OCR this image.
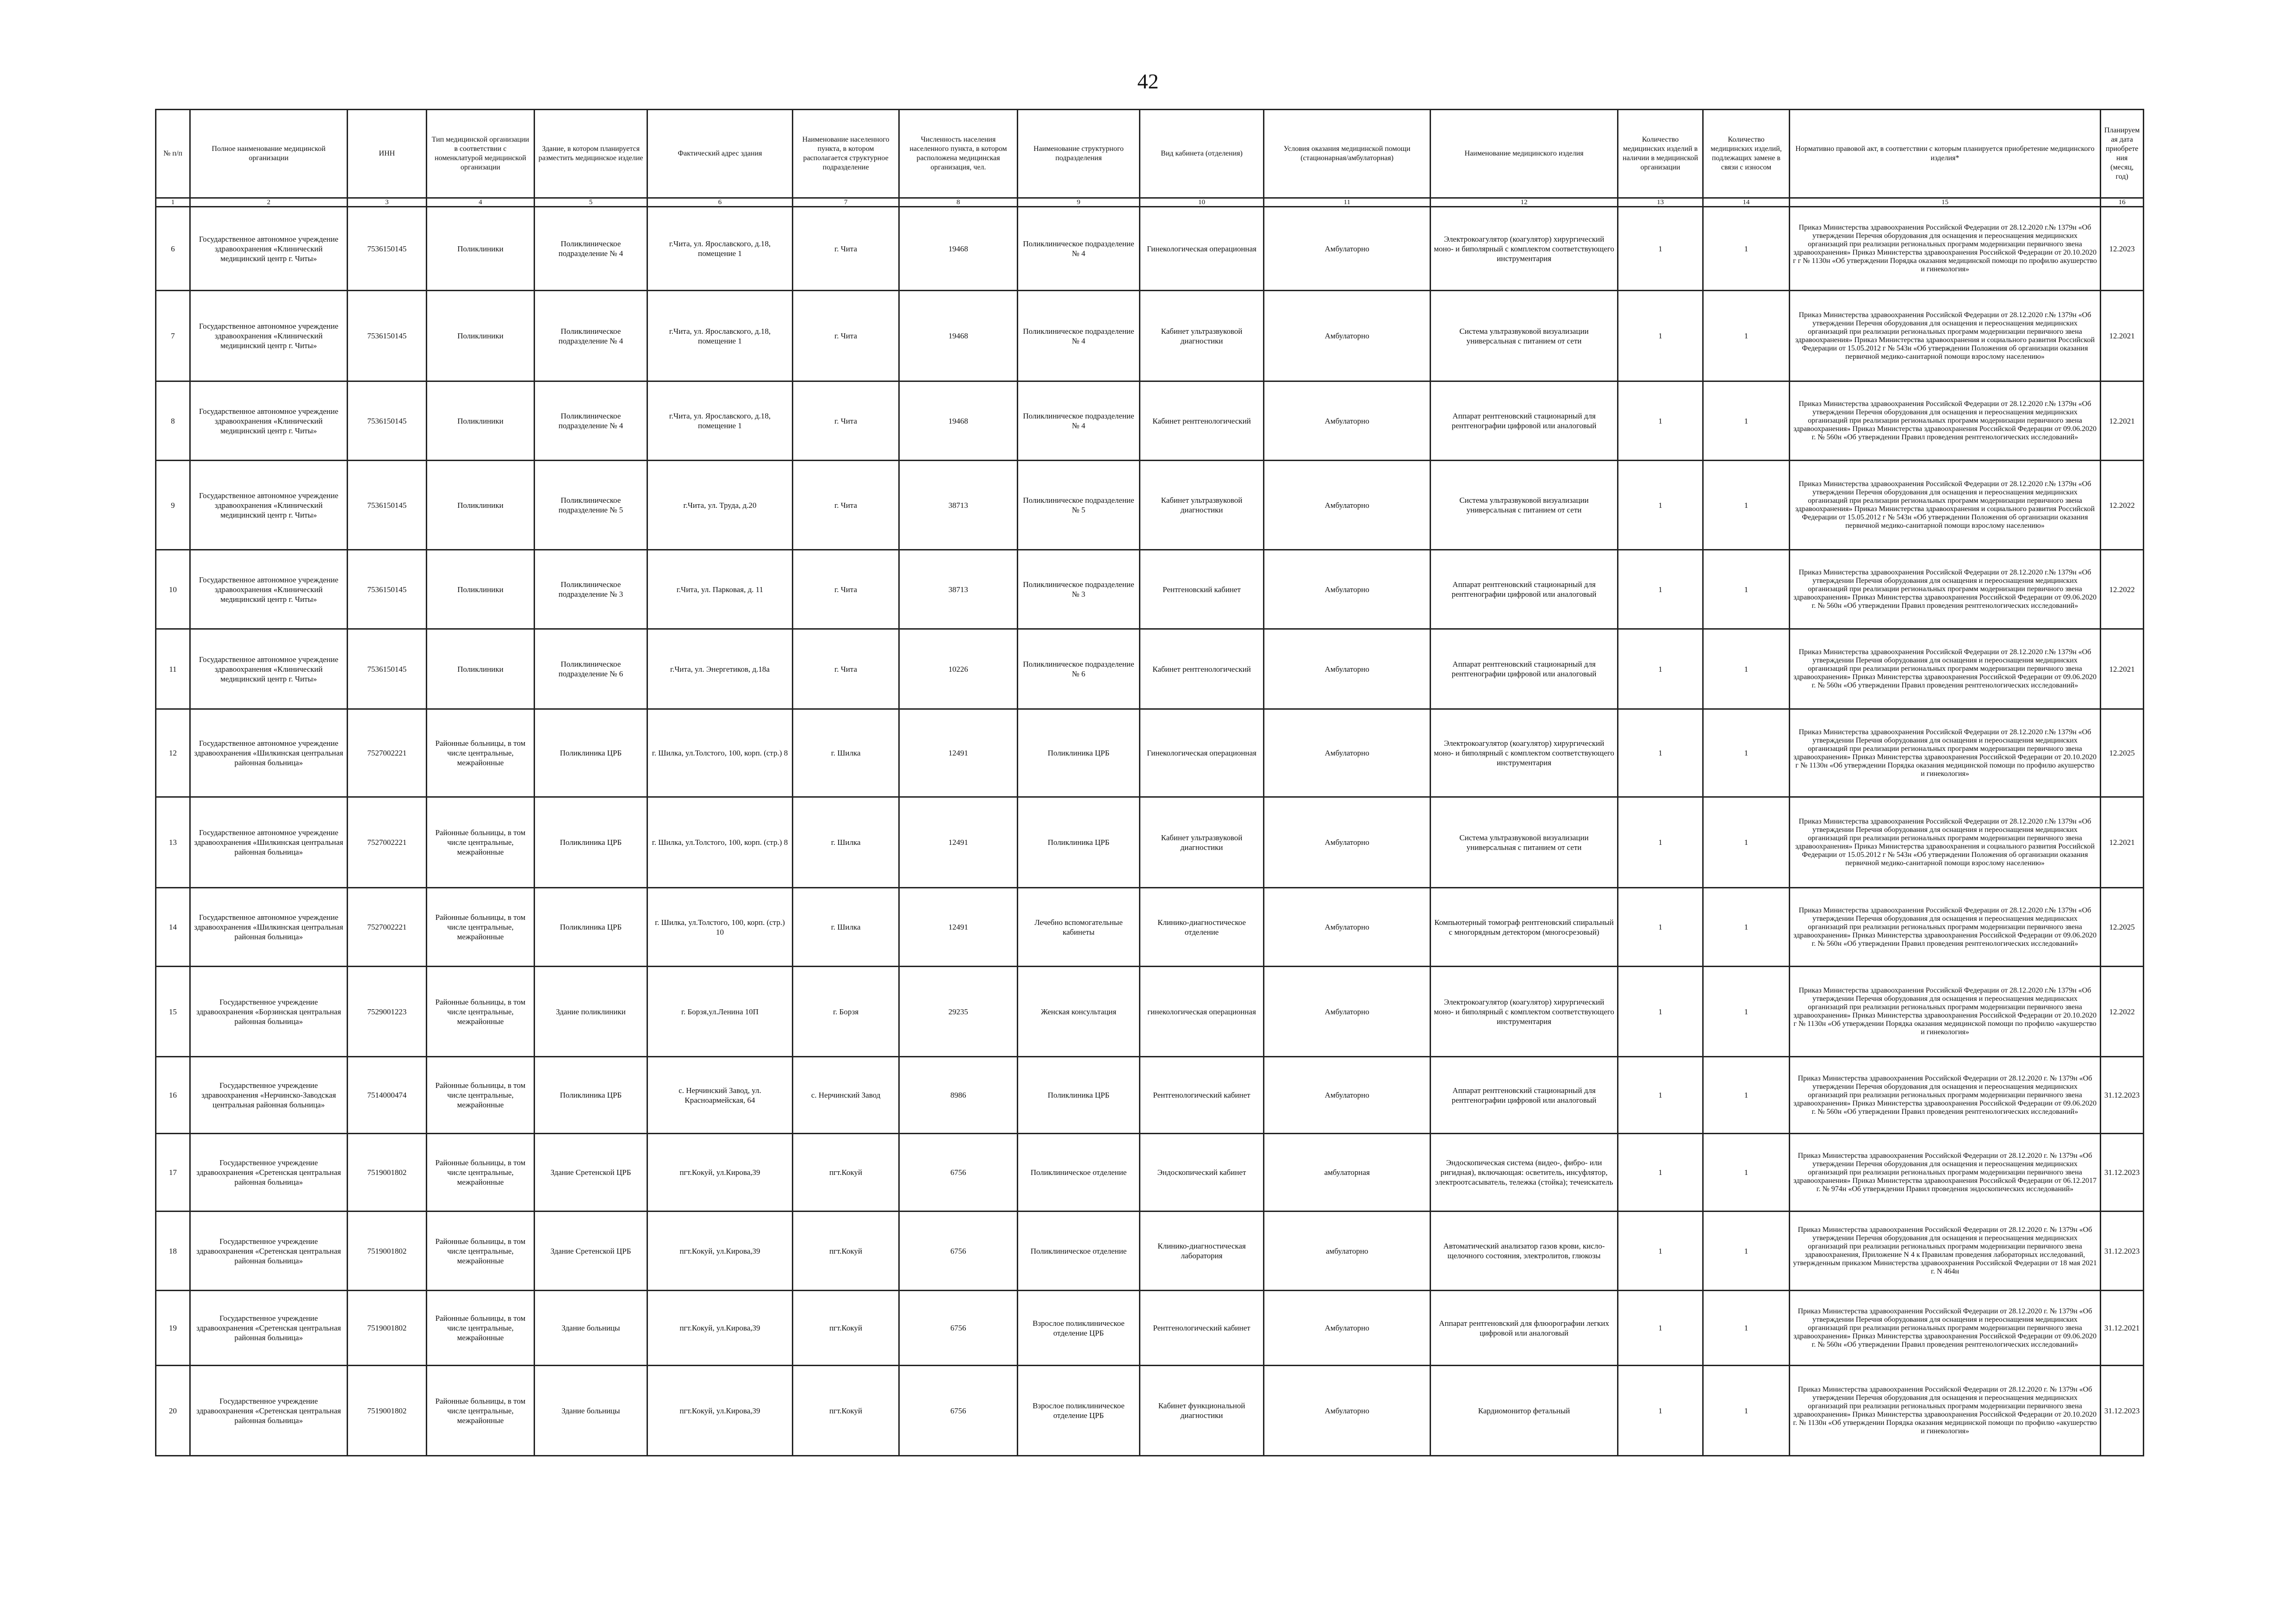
42
№ п/п	Полное наименование медицинской организации	ИНН	Тип медицинской организации в соответствии с номенклатурой медицинской организации	Здание, в котором планируется разместить медицинское изделие	Фактический адрес здания	Наименование населенного пункта, в котором располагается структурное подразделение	Численность населения населенного пункта, в котором расположена медицинская организация, чел.	Наименование структурного подразделения	Вид кабинета (отделения)	Условия оказания медицинской помощи (стационарная/амбулаторная)	Наименование медицинского изделия	Количество медицинских изделий в наличии в медицинской организации	Количество медицинских изделий, подлежащих замене в связи с износом	Нормативно правовой акт, в соответствии с которым планируется приобретение медицинского изделия*	Планируемая дата приобретения (месяц, год)
1	2	3	4	5	6	7	8	9	10	11	12	13	14	15	16
6	Государственное автономное учреждение здравоохранения «Клинический медицинский центр г. Читы»	7536150145	Поликлиники	Поликлиническое подразделение № 4	г.Чита, ул. Ярославского, д.18, помещение 1	г. Чита	19468	Поликлиническое подразделение № 4	Гинекологическая операционная	Амбулаторно	Электрокоагулятор (коагулятор) хирургический моно- и биполярный с комплектом соответствующего инструментария	1	1	Приказ Министерства здравоохранения Российской Федерации от 28.12.2020 г.№ 1379н «Об утверждении Перечня оборудования для оснащения и переоснащения медицинских организаций при реализации региональных программ модернизации первичного звена здравоохранения» Приказ Министерства здравоохранения Российской Федерации от 20.10.2020 г г № 1130н «Об утверждении Порядка оказания медицинской помощи по профилю акушерство и гинекология»	12.2023
7	Государственное автономное учреждение здравоохранения «Клинический медицинский центр г. Читы»	7536150145	Поликлиники	Поликлиническое подразделение № 4	г.Чита, ул. Ярославского, д.18, помещение 1	г. Чита	19468	Поликлиническое подразделение № 4	Кабинет ультразвуковой диагностики	Амбулаторно	Система ультразвуковой визуализации универсальная с питанием от сети	1	1	Приказ Министерства здравоохранения Российской Федерации от 28.12.2020 г.№ 1379н «Об утверждении Перечня оборудования для оснащения и переоснащения медицинских организаций при реализации региональных программ модернизации первичного звена здравоохранения» Приказ Министерства здравоохранения и социального развития Российской Федерации от 15.05.2012 г № 543н «Об утверждении Положения об организации оказания первичной медико-санитарной помощи взрослому населению»	12.2021
8	Государственное автономное учреждение здравоохранения «Клинический медицинский центр г. Читы»	7536150145	Поликлиники	Поликлиническое подразделение № 4	г.Чита, ул. Ярославского, д.18, помещение 1	г. Чита	19468	Поликлиническое подразделение № 4	Кабинет рентгенологический	Амбулаторно	Аппарат рентгеновский стационарный для рентгенографии цифровой или аналоговый	1	1	Приказ Министерства здравоохранения Российской Федерации от 28.12.2020 г.№ 1379н «Об утверждении Перечня оборудования для оснащения и переоснащения медицинских организаций при реализации региональных программ модернизации первичного звена здравоохранения» Приказ Министерства здравоохранения Российской Федерации от 09.06.2020 г. № 560н «Об утверждении Правил проведения рентгенологических исследований»	12.2021
9	Государственное автономное учреждение здравоохранения «Клинический медицинский центр г. Читы»	7536150145	Поликлиники	Поликлиническое подразделение № 5	г.Чита, ул. Труда, д.20	г. Чита	38713	Поликлиническое подразделение № 5	Кабинет ультразвуковой диагностики	Амбулаторно	Система ультразвуковой визуализации универсальная с питанием от сети	1	1	Приказ Министерства здравоохранения Российской Федерации от 28.12.2020 г.№ 1379н «Об утверждении Перечня оборудования для оснащения и переоснащения медицинских организаций при реализации региональных программ модернизации первичного звена здравоохранения» Приказ Министерства здравоохранения и социального развития Российской Федерации от 15.05.2012 г № 543н «Об утверждении Положения об организации оказания первичной медико-санитарной помощи взрослому населению»	12.2022
10	Государственное автономное учреждение здравоохранения «Клинический медицинский центр г. Читы»	7536150145	Поликлиники	Поликлиническое подразделение № 3	г.Чита, ул. Парковая, д. 11	г. Чита	38713	Поликлиническое подразделение № 3	Рентгеновский кабинет	Амбулаторно	Аппарат рентгеновский стационарный для рентгенографии цифровой или аналоговый	1	1	Приказ Министерства здравоохранения Российской Федерации от 28.12.2020 г.№ 1379н «Об утверждении Перечня оборудования для оснащения и переоснащения медицинских организаций при реализации региональных программ модернизации первичного звена здравоохранения» Приказ Министерства здравоохранения Российской Федерации от 09.06.2020 г. № 560н «Об утверждении Правил проведения рентгенологических исследований»	12.2022
11	Государственное автономное учреждение здравоохранения «Клинический медицинский центр г. Читы»	7536150145	Поликлиники	Поликлиническое подразделение № 6	г.Чита, ул. Энергетиков, д.18а	г. Чита	10226	Поликлиническое подразделение № 6	Кабинет рентгенологический	Амбулаторно	Аппарат рентгеновский стационарный для рентгенографии цифровой или аналоговый	1	1	Приказ Министерства здравоохранения Российской Федерации от 28.12.2020 г.№ 1379н «Об утверждении Перечня оборудования для оснащения и переоснащения медицинских организаций при реализации региональных программ модернизации первичного звена здравоохранения» Приказ Министерства здравоохранения Российской Федерации от 09.06.2020 г. № 560н «Об утверждении Правил проведения рентгенологических исследований»	12.2021
12	Государственное автономное учреждение здравоохранения «Шилкинская центральная районная больница»	7527002221	Районные больницы, в том числе центральные, межрайонные	Поликлиника ЦРБ	г. Шилка, ул.Толстого, 100, корп. (стр.) 8	г. Шилка	12491	Поликлиника ЦРБ	Гинекологическая операционная	Амбулаторно	Электрокоагулятор (коагулятор) хирургический моно- и биполярный с комплектом соответствующего инструментария	1	1	Приказ Министерства здравоохранения Российской Федерации от 28.12.2020 г.№ 1379н «Об утверждении Перечня оборудования для оснащения и переоснащения медицинских организаций при реализации региональных программ модернизации первичного звена здравоохранения» Приказ Министерства здравоохранения Российской Федерации от 20.10.2020 г № 1130н «Об утверждении Порядка оказания медицинской помощи по профилю акушерство и гинекология»	12.2025
13	Государственное автономное учреждение здравоохранения «Шилкинская центральная районная больница»	7527002221	Районные больницы, в том числе центральные, межрайонные	Поликлиника ЦРБ	г. Шилка, ул.Толстого, 100, корп. (стр.) 8	г. Шилка	12491	Поликлиника ЦРБ	Кабинет ультразвуковой диагностики	Амбулаторно	Система ультразвуковой визуализации универсальная с питанием от сети	1	1	Приказ Министерства здравоохранения Российской Федерации от 28.12.2020 г.№ 1379н «Об утверждении Перечня оборудования для оснащения и переоснащения медицинских организаций при реализации региональных программ модернизации первичного звена здравоохранения» Приказ Министерства здравоохранения и социального развития Российской Федерации от 15.05.2012 г № 543н «Об утверждении Положения об организации оказания первичной медико-санитарной помощи взрослому населению»	12.2021
14	Государственное автономное учреждение здравоохранения «Шилкинская центральная районная больница»	7527002221	Районные больницы, в том числе центральные, межрайонные	Поликлиника ЦРБ	г. Шилка, ул.Толстого, 100, корп. (стр.) 10	г. Шилка	12491	Лечебно вспомогательные кабинеты	Клинико-диагностическое отделение	Амбулаторно	Компьютерный томограф рентгеновский спиральный с многорядным детектором (многосрезовый)	1	1	Приказ Министерства здравоохранения Российской Федерации от 28.12.2020 г.№ 1379н «Об утверждении Перечня оборудования для оснащения и переоснащения медицинских организаций при реализации региональных программ модернизации первичного звена здравоохранения» Приказ Министерства здравоохранения Российской Федерации от 09.06.2020 г. № 560н «Об утверждении Правил проведения рентгенологических исследований»	12.2025
15	Государственное учреждение здравоохранения «Борзинская центральная районная больница»	7529001223	Районные больницы, в том числе центральные, межрайонные	Здание поликлиники	г. Борзя,ул.Ленина 10П	г. Борзя	29235	Женская консультация	гинекологическая операционная	Амбулаторно	Электрокоагулятор (коагулятор) хирургический моно- и биполярный с комплектом соответствующего инструментария	1	1	Приказ Министерства здравоохранения Российской Федерации от 28.12.2020 г.№ 1379н «Об утверждении Перечня оборудования для оснащения и переоснащения медицинских организаций при реализации региональных программ модернизации первичного звена здравоохранения» Приказ Министерства здравоохранения Российской Федерации от 20.10.2020 г № 1130н «Об утверждении Порядка оказания медицинской помощи по профилю «акушерство и гинекология»	12.2022
16	Государственное учреждение здравоохранения «Нерчинско-Заводская центральная районная больница»	7514000474	Районные больницы, в том числе центральные, межрайонные	Поликлиника ЦРБ	с. Нерчинский Завод, ул. Красноармейская, 64	с. Нерчинский Завод	8986	Поликлиника ЦРБ	Рентгенологический кабинет	Амбулаторно	Аппарат рентгеновский стационарный для рентгенографии цифровой или аналоговый	1	1	Приказ Министерства здравоохранения Российской Федерации от 28.12.2020 г. № 1379н «Об утверждении Перечня оборудования для оснащения и переоснащения медицинских организаций при реализации региональных программ модернизации первичного звена здравоохранения» Приказ Министерства здравоохранения Российской Федерации от 09.06.2020 г. № 560н «Об утверждении Правил проведения рентгенологических исследований»	31.12.2023
17	Государственное учреждение здравоохранения «Сретенская центральная районная больница»	7519001802	Районные больницы, в том числе центральные, межрайонные	Здание Сретенской ЦРБ	пгт.Кокуй, ул.Кирова,39	пгт.Кокуй	6756	Поликлиническое отделение	Эндоскопический кабинет	амбулаторная	Эндоскопическая система (видео-, фибро- или ригидная), включающая: осветитель, инсуфлятор, электроотсасыватель, тележка (стойка); течеискатель	1	1	Приказ Министерства здравоохранения Российской Федерации от 28.12.2020 г. № 1379н «Об утверждении Перечня оборудования для оснащения и переоснащения медицинских организаций при реализации региональных программ модернизации первичного звена здравоохранения» Приказ Министерства здравоохранения Российской Федерации от 06.12.2017 г. № 974н «Об утверждении Правил проведения эндоскопических исследований»	31.12.2023
18	Государственное учреждение здравоохранения «Сретенская центральная районная больница»	7519001802	Районные больницы, в том числе центральные, межрайонные	Здание Сретенской ЦРБ	пгт.Кокуй, ул.Кирова,39	пгт.Кокуй	6756	Поликлиническое отделение	Клинико-диагностическая лаборатория	амбулаторно	Автоматический анализатор газов крови, кисло-щелочного состояния, электролитов, глюкозы	1	1	Приказ Министерства здравоохранения Российской Федерации от 28.12.2020 г. № 1379н «Об утверждении Перечня оборудования для оснащения и переоснащения медицинских организаций при реализации региональных программ модернизации первичного звена здравоохранения, Приложение N 4 к Правилам проведения лабораторных исследований, утвержденным приказом Министерства здравоохранения Российской Федерации от 18 мая 2021 г. N 464н	31.12.2023
19	Государственное учреждение здравоохранения «Сретенская центральная районная больница»	7519001802	Районные больницы, в том числе центральные, межрайонные	Здание больницы	пгт.Кокуй, ул.Кирова,39	пгт.Кокуй	6756	Взрослое поликлиническое отделение ЦРБ	Рентгенологический кабинет	Амбулаторно	Аппарат рентгеновский для флюорографии легких цифровой или аналоговый	1	1	Приказ Министерства здравоохранения Российской Федерации от 28.12.2020 г. № 1379н «Об утверждении Перечня оборудования для оснащения и переоснащения медицинских организаций при реализации региональных программ модернизации первичного звена здравоохранения» Приказ Министерства здравоохранения Российской Федерации от 09.06.2020 г. № 560н «Об утверждении Правил проведения рентгенологических исследований»	31.12.2021
20	Государственное учреждение здравоохранения «Сретенская центральная районная больница»	7519001802	Районные больницы, в том числе центральные, межрайонные	Здание больницы	пгт.Кокуй, ул.Кирова,39	пгт.Кокуй	6756	Взрослое поликлиническое отделение ЦРБ	Кабинет функциональной диагностики	Амбулаторно	Кардиомонитор фетальный	1	1	Приказ Министерства здравоохранения Российской Федерации от 28.12.2020 г. № 1379н «Об утверждении Перечня оборудования для оснащения и переоснащения медицинских организаций при реализации региональных программ модернизации первичного звена здравоохранения» Приказ Министерства здравоохранения Российской Федерации от 20.10.2020 г. № 1130н «Об утверждении Порядка оказания медицинской помощи по профилю «акушерство и гинекология»	31.12.2023
